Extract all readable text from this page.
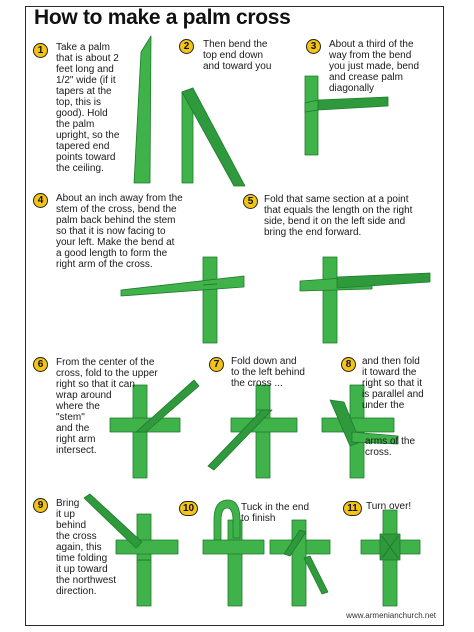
How to make a palm cross
1	2	3
4	5
6	7	8
9	10	11
Take a palm
that is about 2
feet long and
1/2" wide (if it
tapers at the
top, this is
good). Hold
the palm
upright, so the
tapered end
points toward
the ceiling.
Then bend the
top end down
and toward you
About a third of the
way from the bend
you just made, bend
and crease palm
diagonally
About an inch away from the
stem of the cross, bend the
palm back behind the stem
so that it is now facing to
your left. Make the bend at
a good length to form the
right arm of the cross.
Fold that same section at a point
that equals the length on the right
side, bend it on the left side and
bring the end forward.
From the center of the
cross, fold to the upper
right so that it can
wrap around
where the
"stem"
and the
right arm
intersect.
Fold down and
to the left behind
the cross ...
and then fold
it toward the
right so that it
is parallel and
under the
arms of the
cross.
Bring
it up
behind
the cross
again, this
time folding
it up toward
the northwest
direction.
Tuck in the end
to finish
Turn over!
www.armenianchurch.net
